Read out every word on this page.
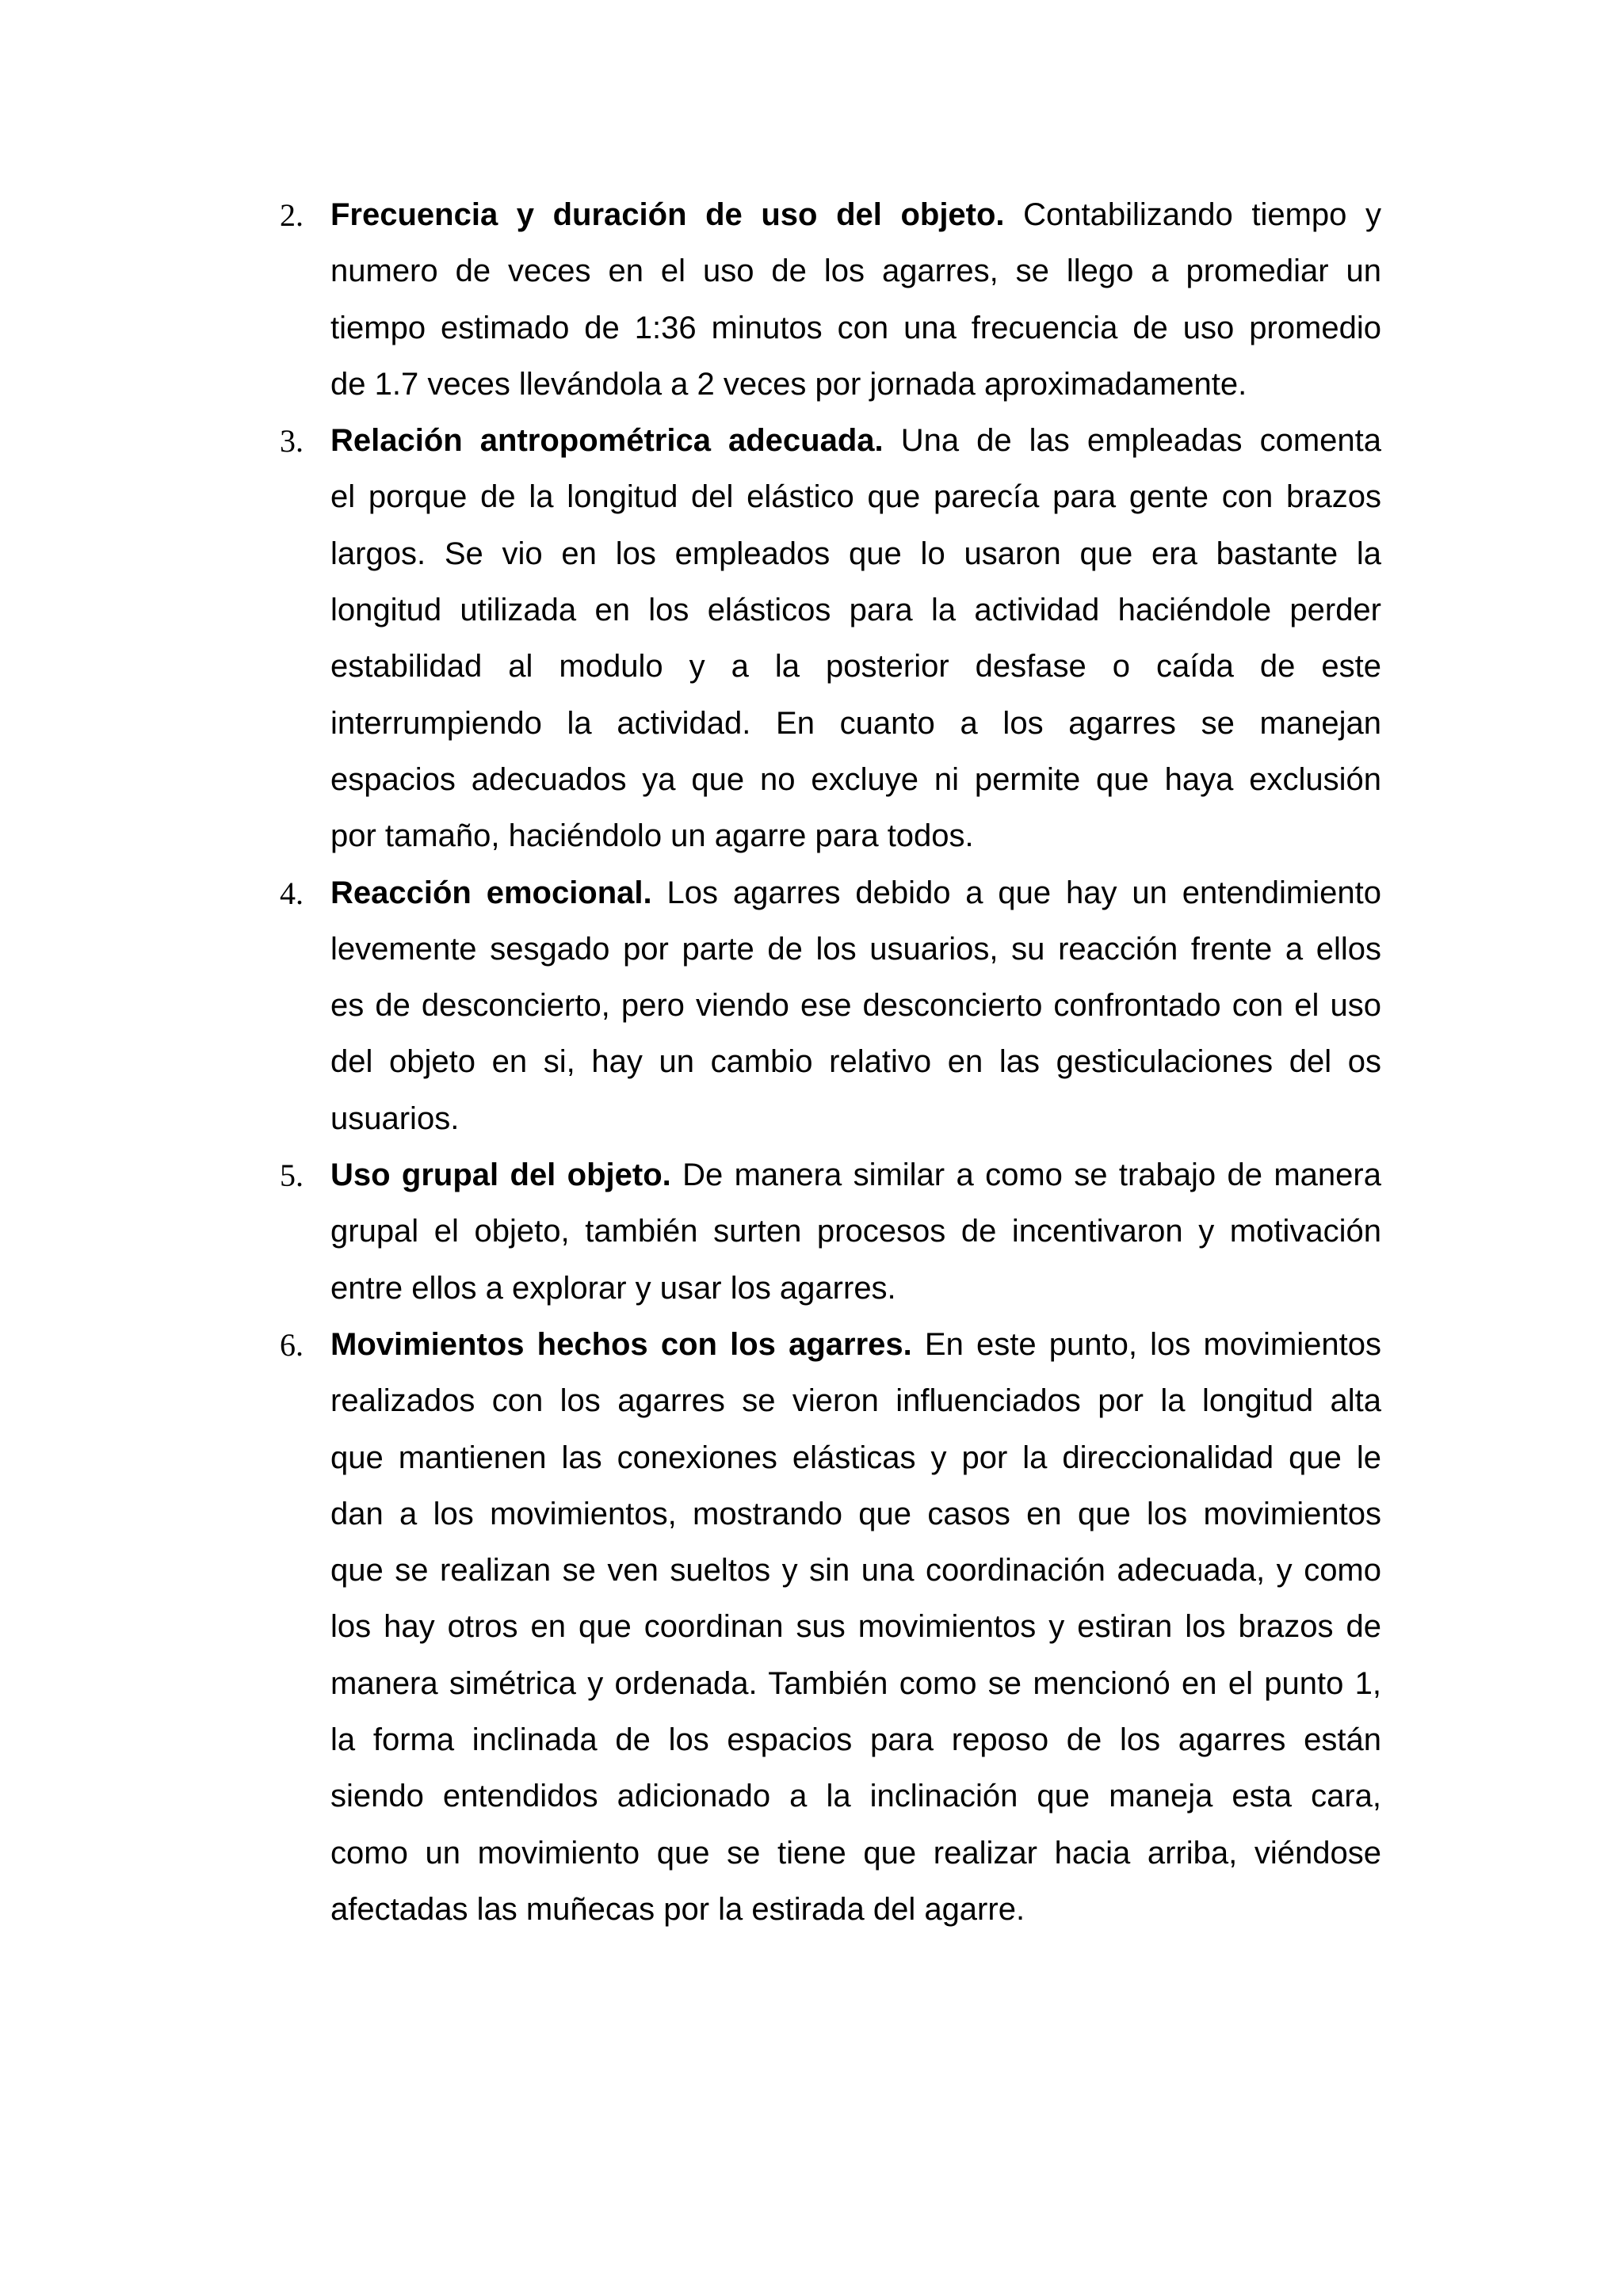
2. Frecuencia y duración de uso del objeto. Contabilizando tiempo y
numero de veces en el uso de los agarres, se llego a promediar un
tiempo estimado de 1:36 minutos con una frecuencia de uso promedio
de 1.7 veces llevándola a 2 veces por jornada aproximadamente.
3. Relación antropométrica adecuada. Una de las empleadas comenta
el porque de la longitud del elástico que parecía para gente con brazos
largos. Se vio en los empleados que lo usaron que era bastante la
longitud utilizada en los elásticos para la actividad haciéndole perder
estabilidad al modulo y a la posterior desfase o caída de este
interrumpiendo la actividad. En cuanto a los agarres se manejan
espacios adecuados ya que no excluye ni permite que haya exclusión
por tamaño, haciéndolo un agarre para todos.
4. Reacción emocional. Los agarres debido a que hay un entendimiento
levemente sesgado por parte de los usuarios, su reacción frente a ellos
es de desconcierto, pero viendo ese desconcierto confrontado con el uso
del objeto en si, hay un cambio relativo en las gesticulaciones del os
usuarios.
5. Uso grupal del objeto. De manera similar a como se trabajo de manera
grupal el objeto, también surten procesos de incentivaron y motivación
entre ellos a explorar y usar los agarres.
6. Movimientos hechos con los agarres. En este punto, los movimientos
realizados con los agarres se vieron influenciados por la longitud alta
que mantienen las conexiones elásticas y por la direccionalidad que le
dan a los movimientos, mostrando que casos en que los movimientos
que se realizan se ven sueltos y sin una coordinación adecuada, y como
los hay otros en que coordinan sus movimientos y estiran los brazos de
manera simétrica y ordenada. También como se mencionó en el punto 1,
la forma inclinada de los espacios para reposo de los agarres están
siendo entendidos adicionado a la inclinación que maneja esta cara,
como un movimiento que se tiene que realizar hacia arriba, viéndose
afectadas las muñecas por la estirada del agarre.
